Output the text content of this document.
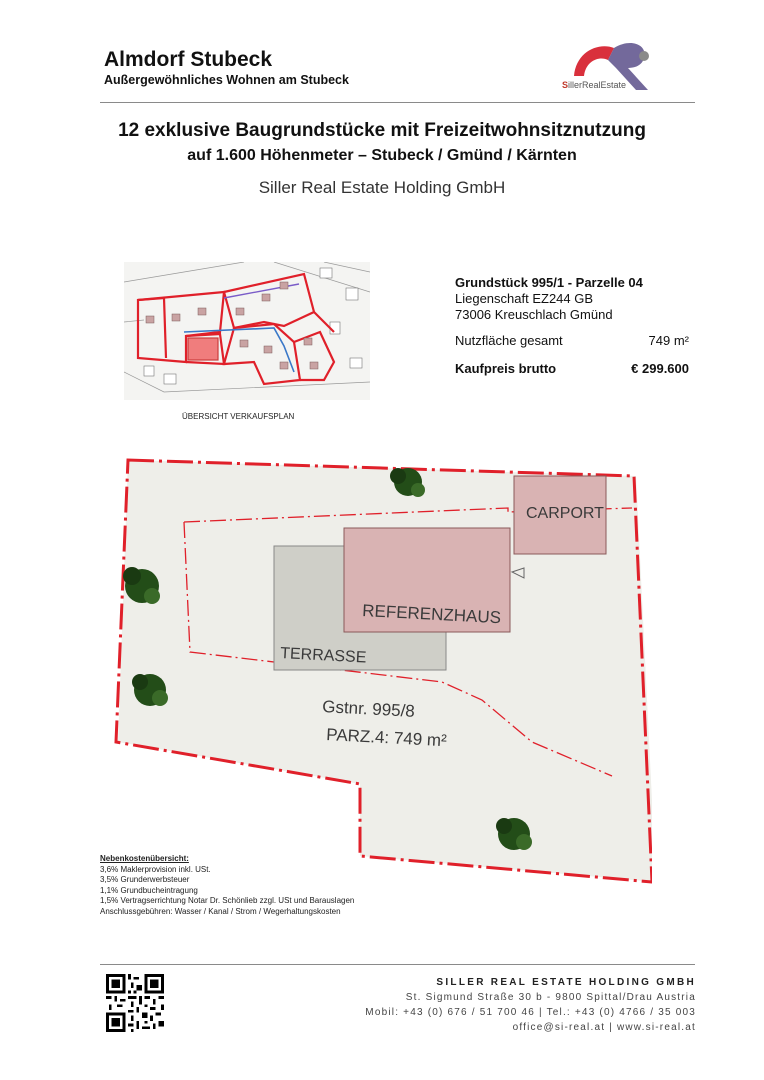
Almdorf Stubeck
Außergewöhnliches Wohnen am Stubeck	SillerRealEstate
12 exklusive Baugrundstücke mit Freizeitwohnsitznutzung
auf 1.600 Höhenmeter – Stubeck / Gmünd / Kärnten
Siller Real Estate Holding GmbH
ÜBERSICHT VERKAUFSPLAN
Grundstück 995/1 - Parzelle 04
Liegenschaft EZ244 GB
73006 Kreuschlach Gmünd
Nutzfläche gesamt	749 m²
Kaufpreis brutto	€ 299.600
CARPORT
REFERENZHAUS
TERRASSE
Gstnr. 995/8
PARZ.4: 749 m²
Nebenkostenübersicht:
3,6% Maklerprovision inkl. USt.
3,5% Grunderwerbsteuer
1,1% Grundbucheintragung
1,5% Vertragserrichtung Notar Dr. Schönlieb zzgl. USt und Barauslagen
Anschlussgebühren: Wasser / Kanal / Strom / Wegerhaltungskosten
SILLER REAL ESTATE HOLDING GMBH
St. Sigmund Straße 30 b - 9800 Spittal/Drau Austria
Mobil: +43 (0) 676 / 51 700 46 | Tel.: +43 (0) 4766 / 35 003
office@si-real.at | www.si-real.at
